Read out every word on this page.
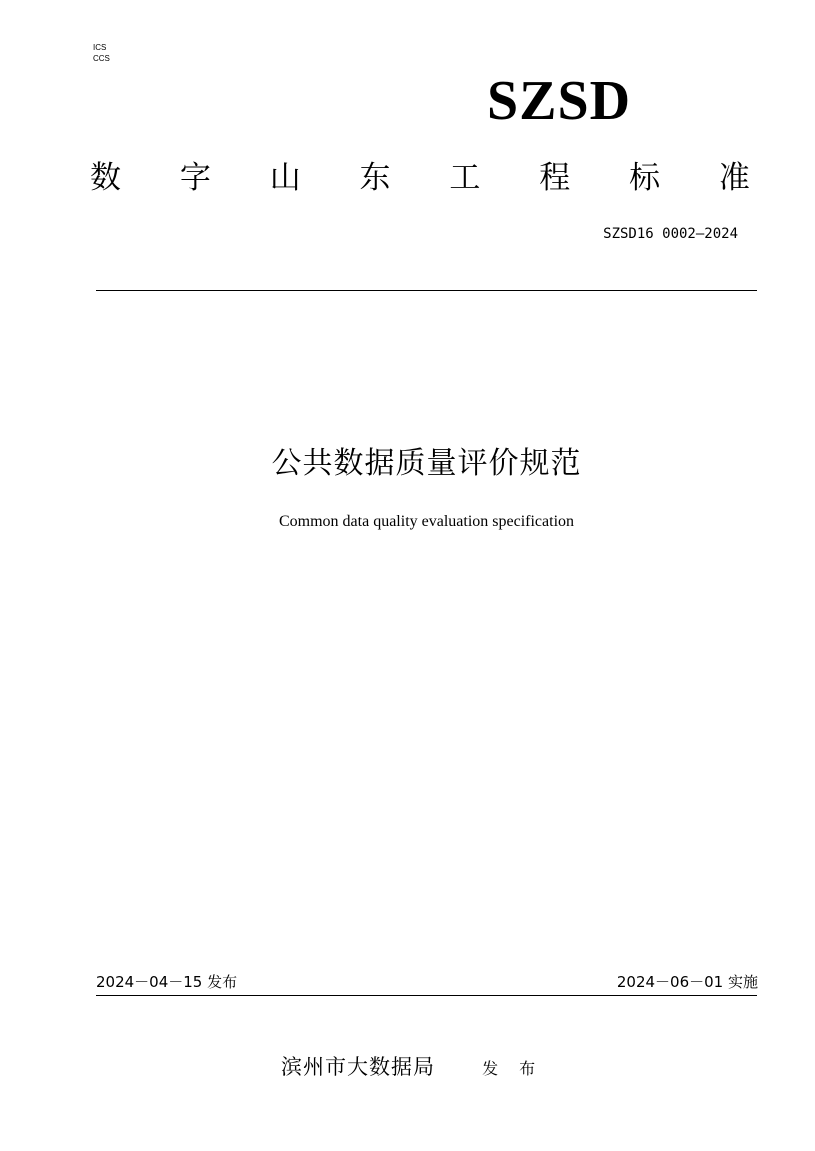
ICS
CCS
SZSD
数 字 山 东 工 程 标 准
SZSD16 0002—2024
公共数据质量评价规范
Common data quality evaluation specification
2024－04－15 发布	2024－06－01 实施
滨州市大数据局	发 布
